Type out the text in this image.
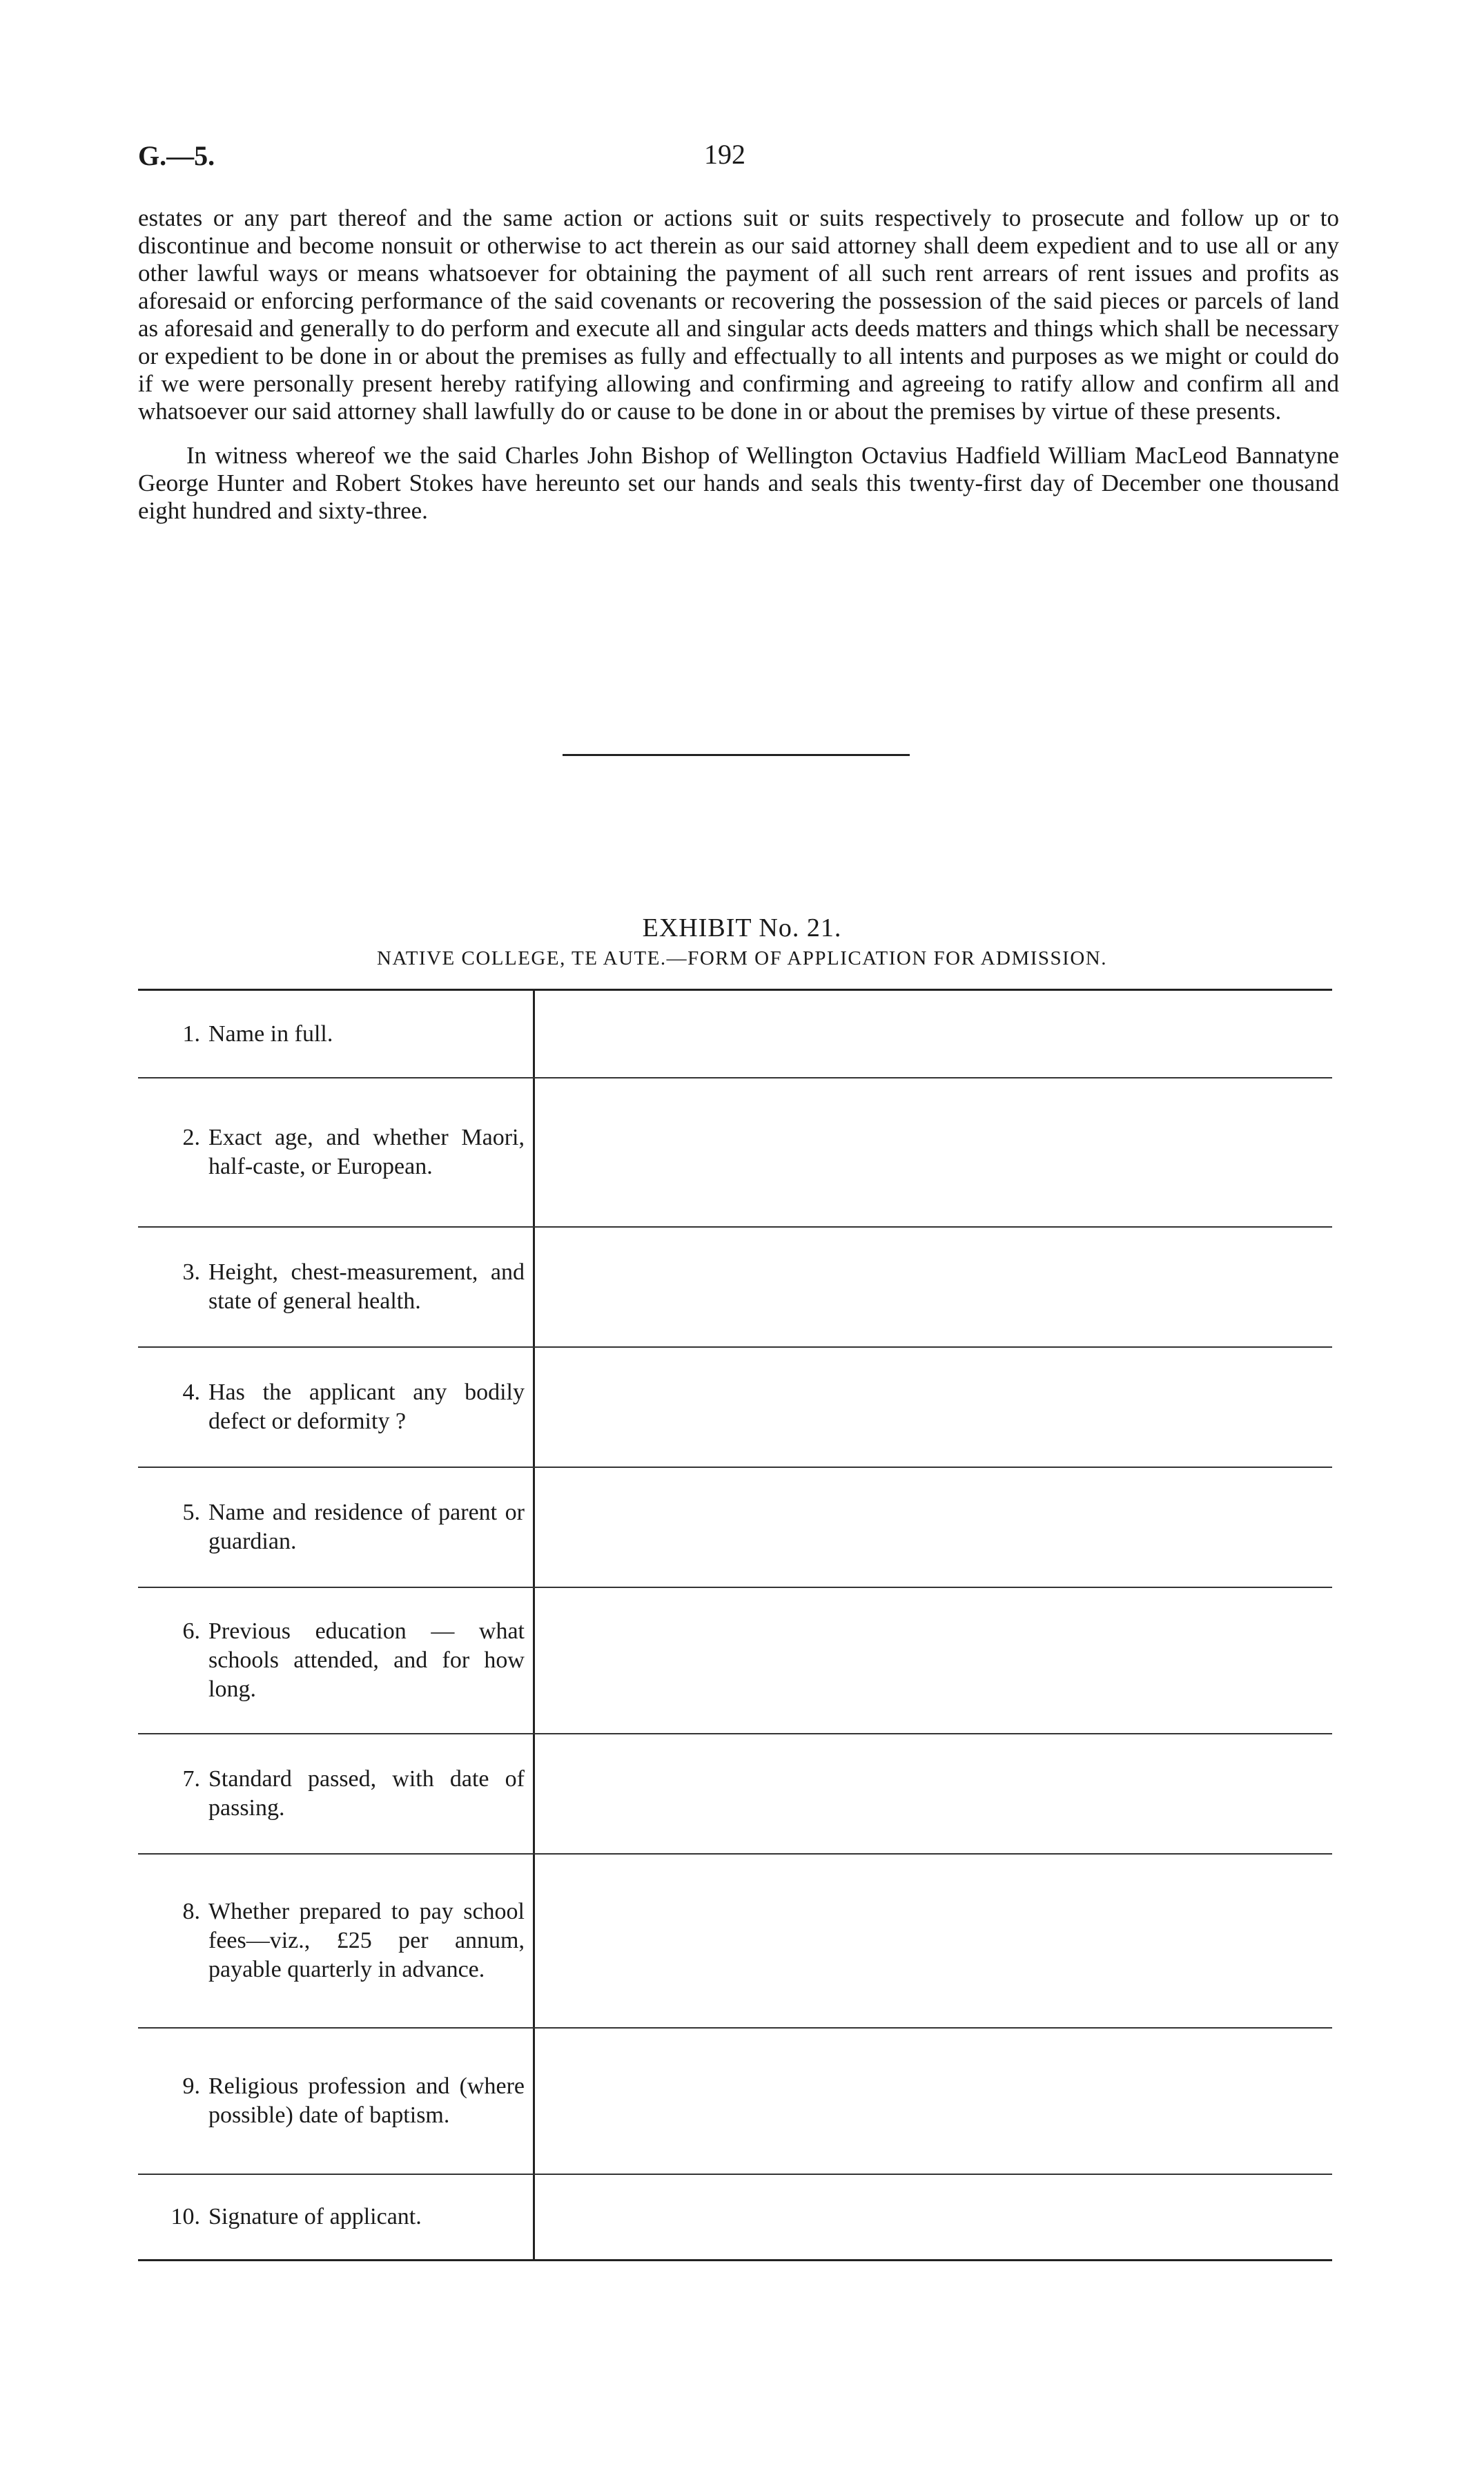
G.—5.	192

estates or any part thereof and the same action or actions suit or suits respectively to prosecute and follow up or to discontinue and become nonsuit or otherwise to act therein as our said attorney shall deem expedient and to use all or any other lawful ways or means whatsoever for obtaining the payment of all such rent arrears of rent issues and profits as aforesaid or enforcing performance of the said covenants or recovering the possession of the said pieces or parcels of land as aforesaid and generally to do perform and execute all and singular acts deeds matters and things which shall be necessary or expedient to be done in or about the premises as fully and effectually to all intents and purposes as we might or could do if we were personally present hereby ratifying allowing and confirming and agreeing to ratify allow and confirm all and whatsoever our said attorney shall lawfully do or cause to be done in or about the premises by virtue of these presents.

In witness whereof we the said Charles John Bishop of Wellington Octavius Hadfield William MacLeod Bannatyne George Hunter and Robert Stokes have hereunto set our hands and seals this twenty-first day of December one thousand eight hundred and sixty-three.

EXHIBIT No. 21.
NATIVE COLLEGE, TE AUTE.—FORM OF APPLICATION FOR ADMISSION.
1. Name in full.
2. Exact age, and whether Maori, half-caste, or European.
3. Height, chest-measurement, and state of general health.
4. Has the applicant any bodily defect or deformity ?
5. Name and residence of parent or guardian.
6. Previous education — what schools attended, and for how long.
7. Standard passed, with date of passing.
8. Whether prepared to pay school fees—viz., £25 per annum, payable quarterly in advance.
9. Religious profession and (where possible) date of baptism.
10. Signature of applicant.
